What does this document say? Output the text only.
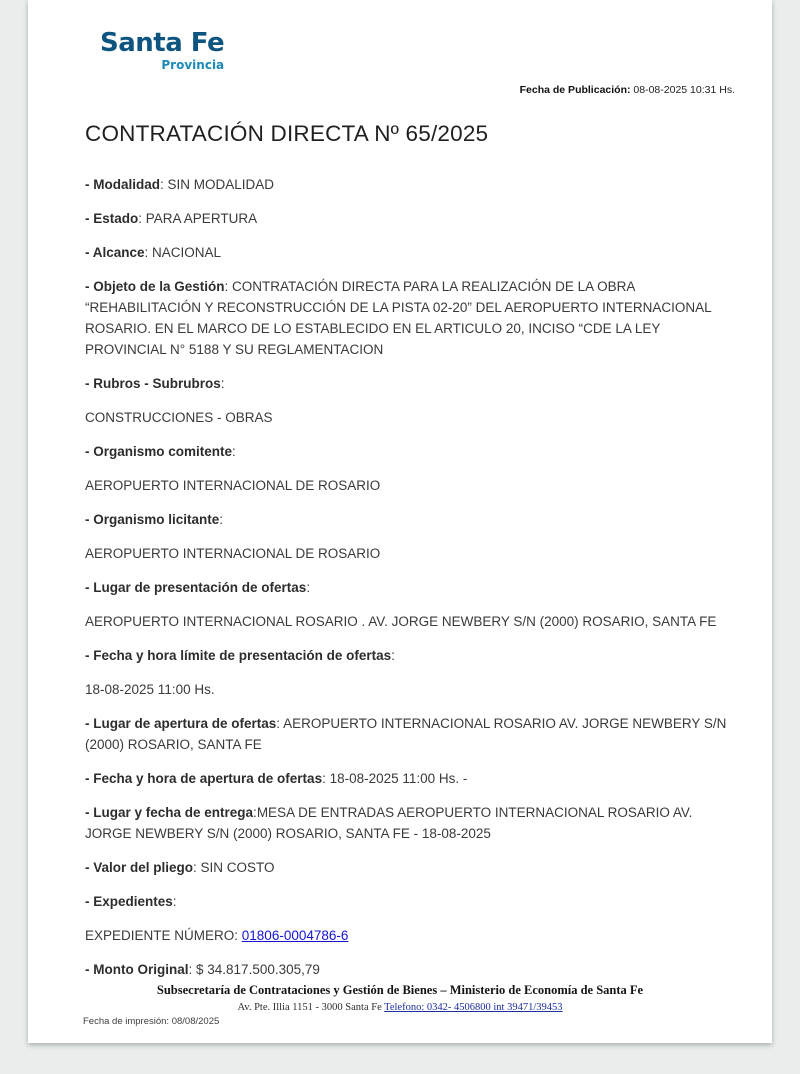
Santa Fe
Provincia
Fecha de Publicación: 08-08-2025 10:31 Hs.
CONTRATACIÓN DIRECTA Nº 65/2025

- Modalidad: SIN MODALIDAD

- Estado: PARA APERTURA

- Alcance: NACIONAL

- Objeto de la Gestión: CONTRATACIÓN DIRECTA PARA LA REALIZACIÓN DE LA OBRA “REHABILITACIÓN Y RECONSTRUCCIÓN DE LA PISTA 02-20” DEL AEROPUERTO INTERNACIONAL ROSARIO. EN EL MARCO DE LO ESTABLECIDO EN EL ARTICULO 20, INCISO “CDE LA LEY PROVINCIAL N° 5188 Y SU REGLAMENTACION

- Rubros - Subrubros:

CONSTRUCCIONES - OBRAS

- Organismo comitente:

AEROPUERTO INTERNACIONAL DE ROSARIO

- Organismo licitante:

AEROPUERTO INTERNACIONAL DE ROSARIO

- Lugar de presentación de ofertas:

AEROPUERTO INTERNACIONAL ROSARIO . AV. JORGE NEWBERY S/N (2000) ROSARIO, SANTA FE

- Fecha y hora límite de presentación de ofertas:

18-08-2025 11:00 Hs.

- Lugar de apertura de ofertas: AEROPUERTO INTERNACIONAL ROSARIO AV. JORGE NEWBERY S/N (2000) ROSARIO, SANTA FE

- Fecha y hora de apertura de ofertas: 18-08-2025 11:00 Hs. -

- Lugar y fecha de entrega:MESA DE ENTRADAS AEROPUERTO INTERNACIONAL ROSARIO AV. JORGE NEWBERY S/N (2000) ROSARIO, SANTA FE - 18-08-2025

- Valor del pliego: SIN COSTO

- Expedientes:

EXPEDIENTE NÚMERO: 01806-0004786-6

- Monto Original: $ 34.817.500.305,79

Subsecretaría de Contrataciones y Gestión de Bienes – Ministerio de Economía de Santa Fe
Av. Pte. Illia 1151 - 3000 Santa Fe Telefono: 0342- 4506800 int 39471/39453
Fecha de impresión: 08/08/2025
